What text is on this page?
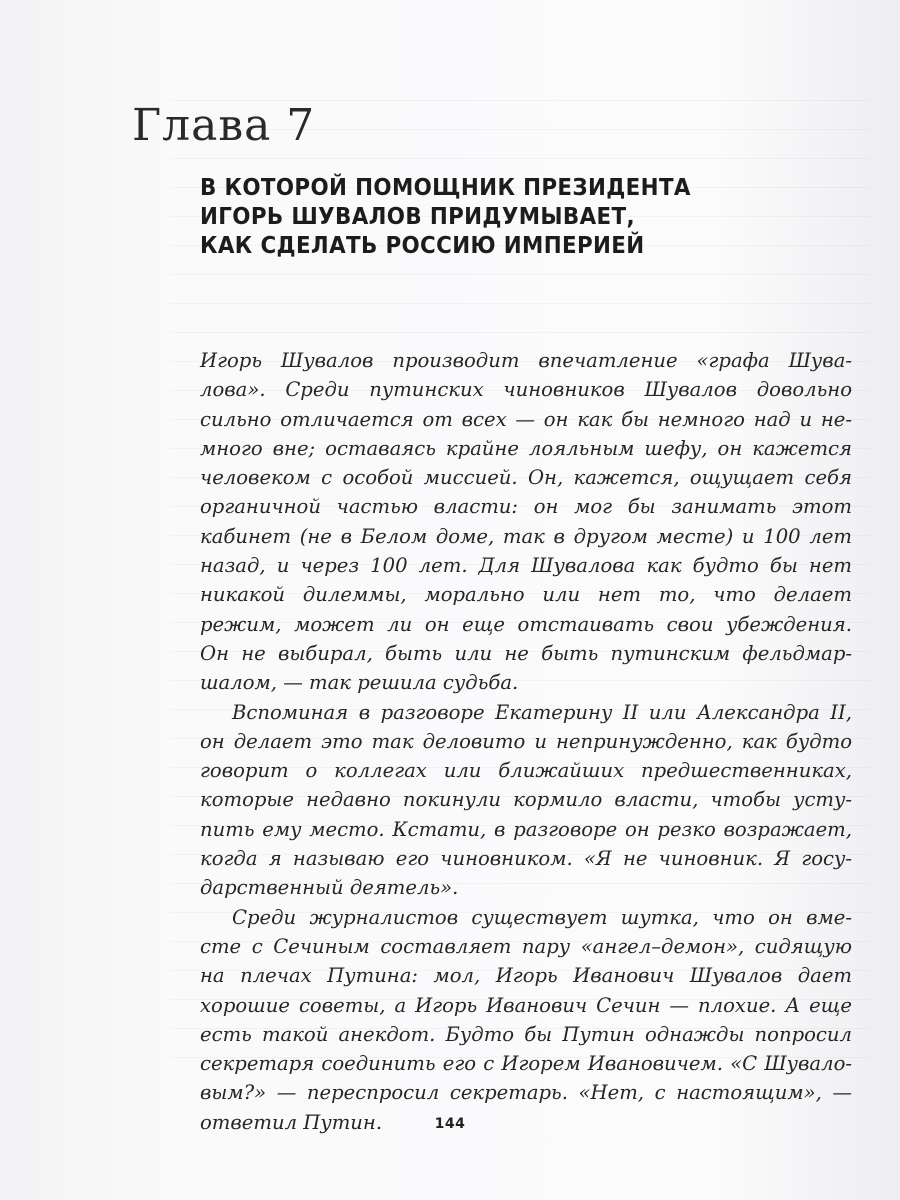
Глава 7
В КОТОРОЙ ПОМОЩНИК ПРЕЗИДЕНТА
ИГОРЬ ШУВАЛОВ ПРИДУМЫВАЕТ,
КАК СДЕЛАТЬ РОССИЮ ИМПЕРИЕЙ
Игорь Шувалов производит впечатление «графа Шува-
лова». Среди путинских чиновников Шувалов довольно
сильно отличается от всех — он как бы немного над и не-
много вне; оставаясь крайне лояльным шефу, он кажется
человеком с особой миссией. Он, кажется, ощущает себя
органичной частью власти: он мог бы занимать этот
кабинет (не в Белом доме, так в другом месте) и 100 лет
назад, и через 100 лет. Для Шувалова как будто бы нет
никакой дилеммы, морально или нет то, что делает
режим, может ли он еще отстаивать свои убеждения.
Он не выбирал, быть или не быть путинским фельдмар-
шалом, — так решила судьба.
Вспоминая в разговоре Екатерину II или Александра II,
он делает это так деловито и непринужденно, как будто
говорит о коллегах или ближайших предшественниках,
которые недавно покинули кормило власти, чтобы усту-
пить ему место. Кстати, в разговоре он резко возражает,
когда я называю его чиновником. «Я не чиновник. Я госу-
дарственный деятель».
Среди журналистов существует шутка, что он вме-
сте с Сечиным составляет пару «ангел–демон», сидящую
на плечах Путина: мол, Игорь Иванович Шувалов дает
хорошие советы, а Игорь Иванович Сечин — плохие. А еще
есть такой анекдот. Будто бы Путин однажды попросил
секретаря соединить его с Игорем Ивановичем. «С Шувало-
вым?» — переспросил секретарь. «Нет, с настоящим», —
ответил Путин.	144
